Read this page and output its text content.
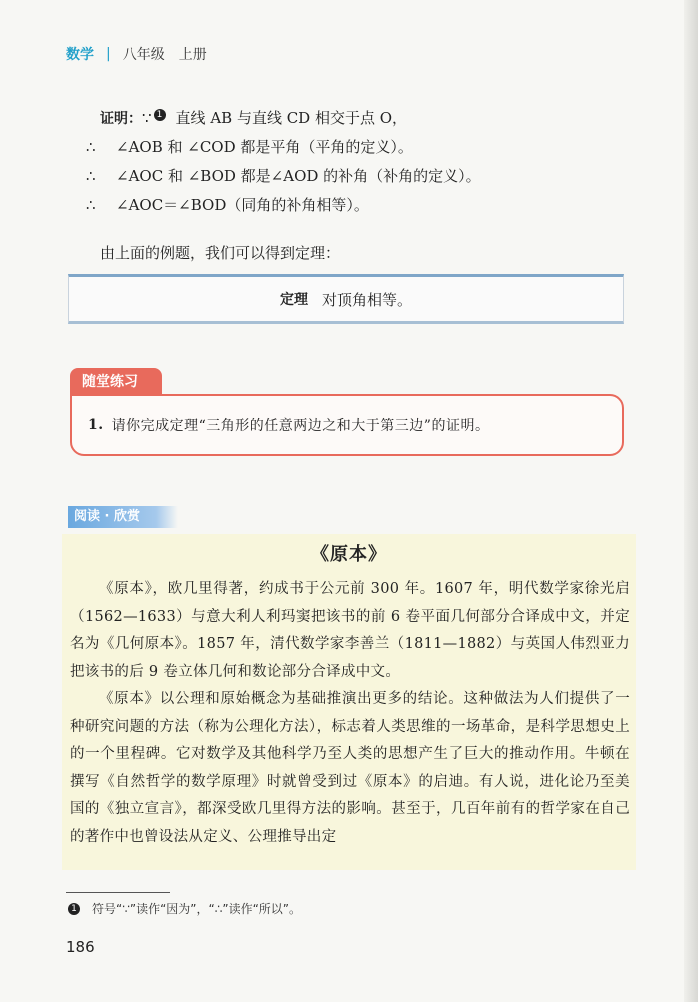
数学 | 八年级　上册
证明：∵ 1 直线 AB 与直线 CD 相交于点 O，
∴ ∠AOB 和 ∠COD 都是平角（平角的定义）。
∴ ∠AOC 和 ∠BOD 都是∠AOD 的补角（补角的定义）。
∴ ∠AOC＝∠BOD（同角的补角相等）。
由上面的例题，我们可以得到定理：
定理 对顶角相等。
随堂练习
1. 请你完成定理“三角形的任意两边之和大于第三边”的证明。
阅读 · 欣赏
《原本》

《原本》，欧几里得著，约成书于公元前 300 年。1607 年，明代数学家徐光启（1562—1633）与意大利人利玛窦把该书的前 6 卷平面几何部分合译成中文，并定名为《几何原本》。1857 年，清代数学家李善兰（1811—1882）与英国人伟烈亚力把该书的后 9 卷立体几何和数论部分合译成中文。

《原本》以公理和原始概念为基础推演出更多的结论。这种做法为人们提供了一种研究问题的方法（称为公理化方法），标志着人类思维的一场革命，是科学思想史上的一个里程碑。它对数学及其他科学乃至人类的思想产生了巨大的推动作用。牛顿在撰写《自然哲学的数学原理》时就曾受到过《原本》的启迪。有人说，进化论乃至美国的《独立宣言》，都深受欧几里得方法的影响。甚至于，几百年前有的哲学家在自己的著作中也曾设法从定义、公理推导出定

1 符号“∵”读作“因为”，“∴”读作“所以”。
186
